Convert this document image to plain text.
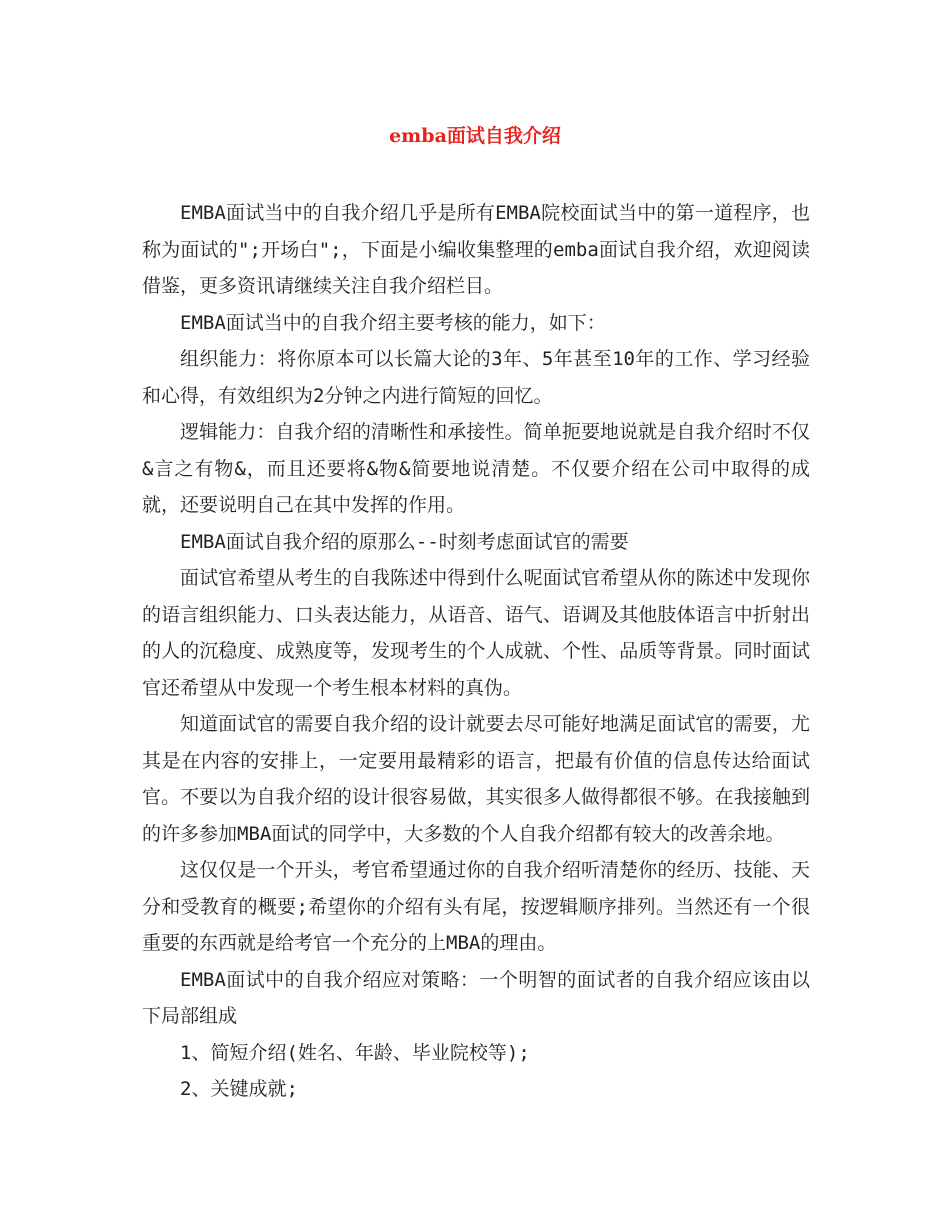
emba面试自我介绍

EMBA面试当中的自我介绍几乎是所有EMBA院校面试当中的第一道程序，也称为面试的";开场白";，下面是小编收集整理的emba面试自我介绍，欢迎阅读借鉴，更多资讯请继续关注自我介绍栏目。

EMBA面试当中的自我介绍主要考核的能力，如下：

组织能力：将你原本可以长篇大论的3年、5年甚至10年的工作、学习经验和心得，有效组织为2分钟之内进行简短的回忆。

逻辑能力：自我介绍的清晰性和承接性。简单扼要地说就是自我介绍时不仅&言之有物&，而且还要将&物&简要地说清楚。不仅要介绍在公司中取得的成就，还要说明自己在其中发挥的作用。

EMBA面试自我介绍的原那么--时刻考虑面试官的需要

面试官希望从考生的自我陈述中得到什么呢面试官希望从你的陈述中发现你的语言组织能力、口头表达能力，从语音、语气、语调及其他肢体语言中折射出的人的沉稳度、成熟度等，发现考生的个人成就、个性、品质等背景。同时面试官还希望从中发现一个考生根本材料的真伪。

知道面试官的需要自我介绍的设计就要去尽可能好地满足面试官的需要，尤其是在内容的安排上，一定要用最精彩的语言，把最有价值的信息传达给面试官。不要以为自我介绍的设计很容易做，其实很多人做得都很不够。在我接触到的许多参加MBA面试的同学中，大多数的个人自我介绍都有较大的改善余地。

这仅仅是一个开头，考官希望通过你的自我介绍听清楚你的经历、技能、天分和受教育的概要;希望你的介绍有头有尾，按逻辑顺序排列。当然还有一个很重要的东西就是给考官一个充分的上MBA的理由。

EMBA面试中的自我介绍应对策略：一个明智的面试者的自我介绍应该由以下局部组成

1、简短介绍(姓名、年龄、毕业院校等);

2、关键成就;
